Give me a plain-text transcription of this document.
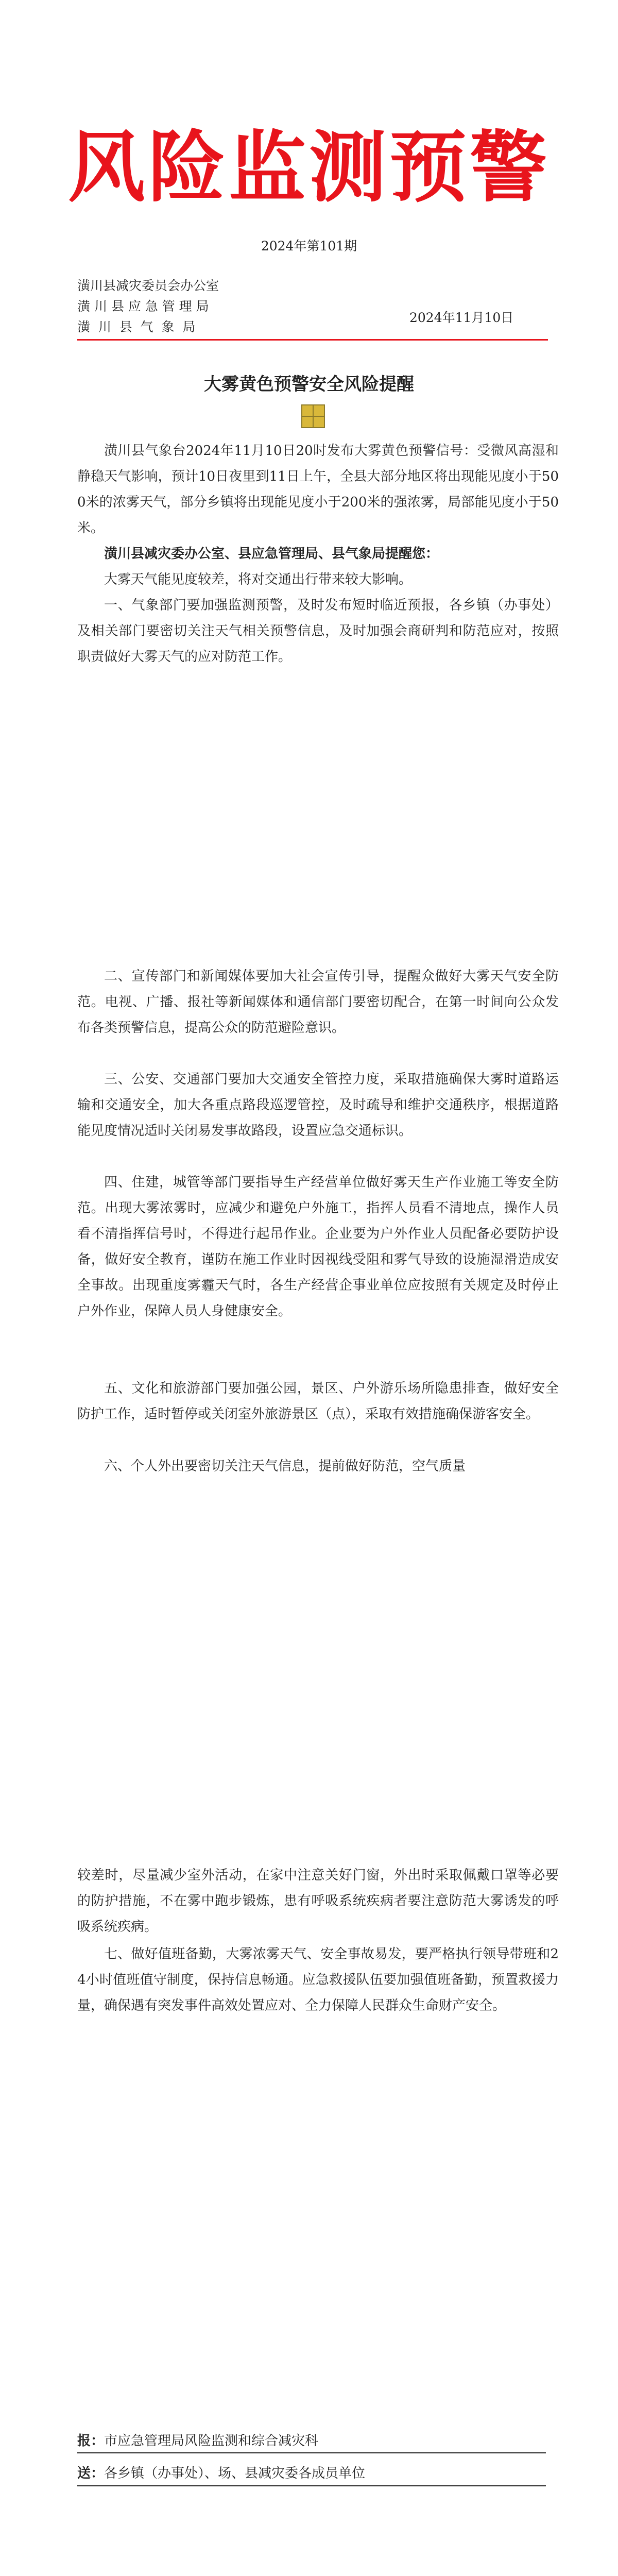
风险监测预警
2024年第101期
潢川县减灾委员会办公室
潢 川 县 应 急 管 理 局
潢  川  县  气  象  局
2024年11月10日
大雾黄色预警安全风险提醒
潢川县气象台2024年11月10日20时发布大雾黄色预警信号：受微风高湿和静稳天气影响，预计10日夜里到11日上午，全县大部分地区将出现能见度小于500米的浓雾天气，部分乡镇将出现能见度小于200米的强浓雾，局部能见度小于50米。
潢川县减灾委办公室、县应急管理局、县气象局提醒您：
大雾天气能见度较差，将对交通出行带来较大影响。
一、气象部门要加强监测预警，及时发布短时临近预报，各乡镇（办事处）及相关部门要密切关注天气相关预警信息，及时加强会商研判和防范应对，按照职责做好大雾天气的应对防范工作。
二、宣传部门和新闻媒体要加大社会宣传引导，提醒众做好大雾天气安全防范。电视、广播、报社等新闻媒体和通信部门要密切配合，在第一时间向公众发布各类预警信息，提高公众的防范避险意识。
三、公安、交通部门要加大交通安全管控力度，采取措施确保大雾时道路运输和交通安全，加大各重点路段巡逻管控，及时疏导和维护交通秩序，根据道路能见度情况适时关闭易发事故路段，设置应急交通标识。
四、住建，城管等部门要指导生产经营单位做好雾天生产作业施工等安全防范。出现大雾浓雾时，应减少和避免户外施工，指挥人员看不清地点，操作人员看不清指挥信号时，不得进行起吊作业。企业要为户外作业人员配备必要防护设备，做好安全教育，谨防在施工作业时因视线受阻和雾气导致的设施湿滑造成安全事故。出现重度雾霾天气时，各生产经营企事业单位应按照有关规定及时停止户外作业，保障人员人身健康安全。
五、文化和旅游部门要加强公园，景区、户外游乐场所隐患排查，做好安全防护工作，适时暂停或关闭室外旅游景区（点），采取有效措施确保游客安全。
六、个人外出要密切关注天气信息，提前做好防范，空气质量
较差时，尽量减少室外活动，在家中注意关好门窗，外出时采取佩戴口罩等必要的防护措施，不在雾中跑步锻炼，患有呼吸系统疾病者要注意防范大雾诱发的呼吸系统疾病。
七、做好值班备勤，大雾浓雾天气、安全事故易发，要严格执行领导带班和24小时值班值守制度，保持信息畅通。应急救援队伍要加强值班备勤，预置救援力量，确保遇有突发事件高效处置应对、全力保障人民群众生命财产安全。
报：市应急管理局风险监测和综合减灾科
送：各乡镇（办事处）、场、县减灾委各成员单位
